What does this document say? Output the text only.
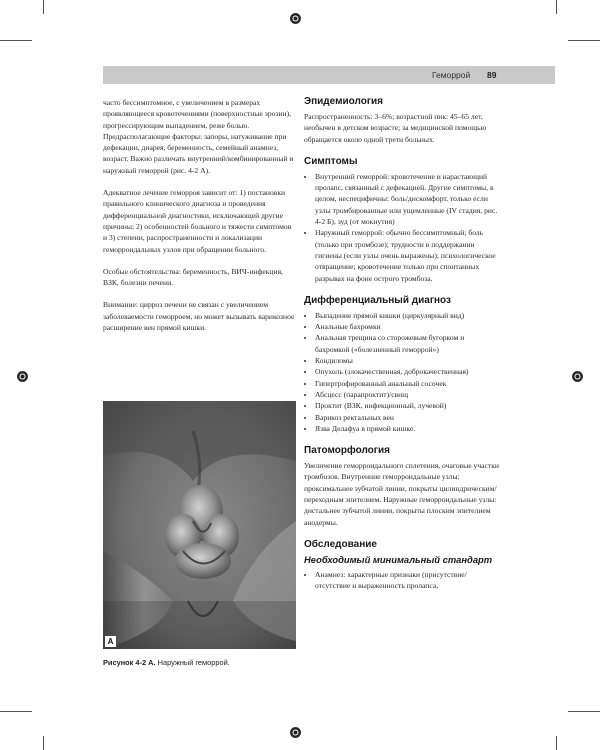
Геморрой 89

часто бессимптомное, с увеличением в размерах проявляющееся кровотечениями (поверхностные эрозии), прогрессирующим выпадением, реже болью. Предрасполагающие факторы: запоры, натуживание при дефекации, диарея, беременность, семейный анамнез, возраст. Важно различать внутренний/комбинированный и наружный геморрой (рис. 4-2 А).

Адекватное лечение геморроя зависит от: 1) постановки правильного клинического диагноза и проведения дифференциальной диагностики, исключающей другие причины; 2) особенностей больного и тяжести симптомов и 3) степени, распространенности и локализации геморроидальных узлов при обращении больного.

Особые обстоятельства: беременность, ВИЧ-инфекция, ВЗК, болезни печени.

Внимание: цирроз печени не связан с увеличением заболеваемости геморроем, но может вызывать варикозное расширение вен прямой кишки.

А
Рисунок 4-2 А. Наружный геморрой.
Эпидемиология

Распространенность: 3–6%; возрастной пик: 45–65 лет, необычен в детском возрасте; за медицинской помощью обращается около одной трети больных.

Симптомы
• Внутренний геморрой: кровотечение и нарастающий пролапс, связанный с дефекацией. Другие симптомы, в целом, неспецифичны: боль/дискомфорт, только если узлы тромбированные или ущемленные (IV стадия, рис. 4-2 Б), зуд (от мокнутия)
• Наружный геморрой: обычно бессимптомный; боль (только при тромбозе); трудности в поддержании гигиены (если узлы очень выражены); психологическое отвращение; кровотечение только при спонтанных разрывах на фоне острого тромбоза.
Дифференциальный диагноз
• Выпадение прямой кишки (циркулярный вид)
• Анальные бахромки
• Анальная трещина со сторожевым бугорком и бахромкой («болезненный геморрой»)
• Кондиломы
• Опухоль (злокачественная, доброкачественная)
• Гипертрофированный анальный сосочек
• Абсцесс (парапроктит)/свищ
• Проктит (ВЗК, инфекционный, лучевой)
• Варикоз ректальных вен
• Язва Делафуа в прямой кишке.
Патоморфология

Увеличение геморроидального сплетения, очаговые участки тромбозов. Внутренние геморроидальные узлы: проксимальнее зубчатой линии, покрыты цилиндрическим/переходным эпителием. Наружные геморроидальные узлы: дистальнее зубчатой линии, покрыты плоским эпителием анодермы.

Обследование
Необходимый минимальный стандарт
• Анамнез: характерные признаки (присутствие/отсутствие и выраженность пролапса,
